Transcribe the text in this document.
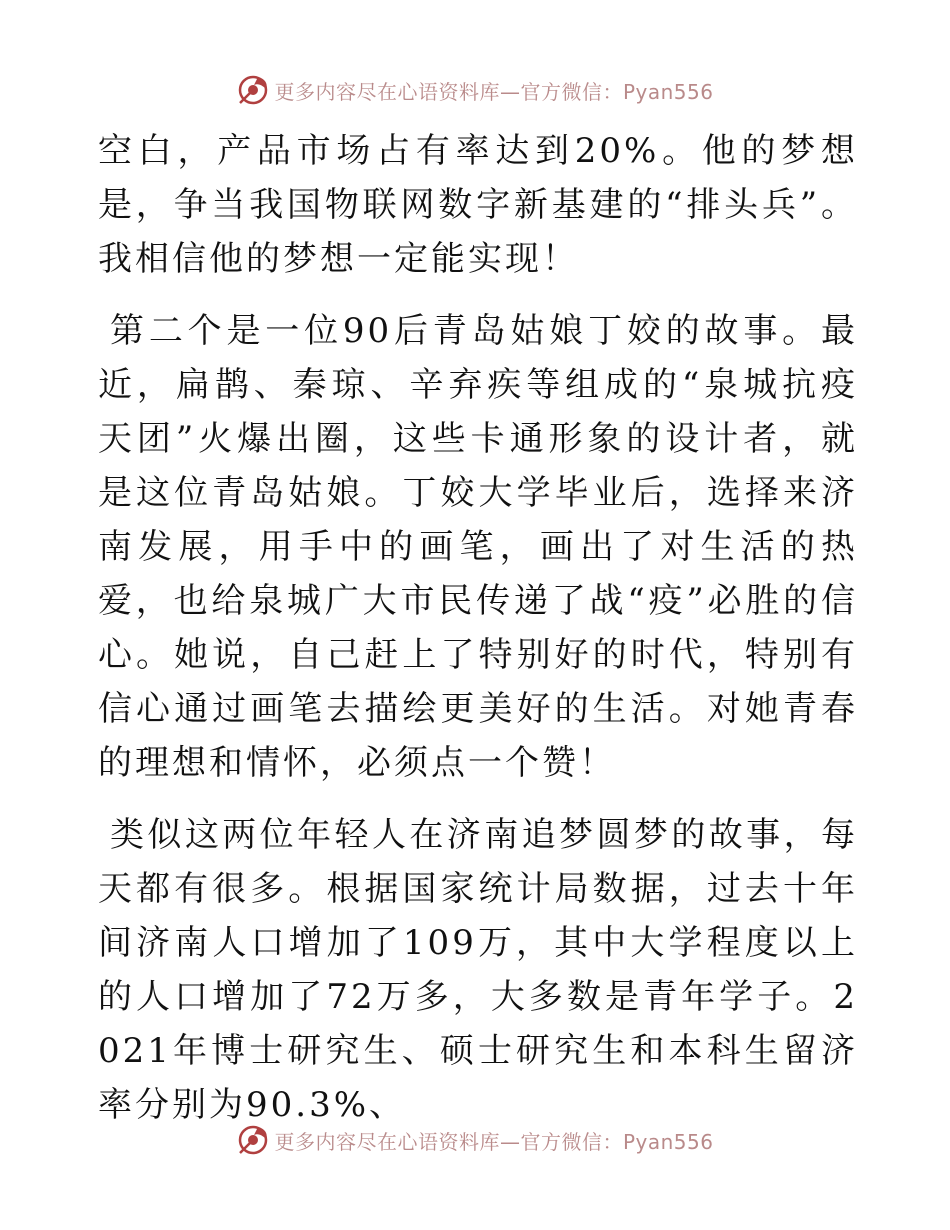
更多内容尽在心语资料库—官方微信：Pyan556

空白，产品市场占有率达到20%。他的梦想是，争当我国物联网数字新基建的“排头兵”。我相信他的梦想一定能实现！

第二个是一位90后青岛姑娘丁姣的故事。最近，扁鹊、秦琼、辛弃疾等组成的“泉城抗疫天团”火爆出圈，这些卡通形象的设计者，就是这位青岛姑娘。丁姣大学毕业后，选择来济南发展，用手中的画笔，画出了对生活的热爱，也给泉城广大市民传递了战“疫”必胜的信心。她说，自己赶上了特别好的时代，特别有信心通过画笔去描绘更美好的生活。对她青春的理想和情怀，必须点一个赞！

类似这两位年轻人在济南追梦圆梦的故事，每天都有很多。根据国家统计局数据，过去十年间济南人口增加了109万，其中大学程度以上的人口增加了72万多，大多数是青年学子。2021年博士研究生、硕士研究生和本科生留济率分别为90.3%、

更多内容尽在心语资料库—官方微信：Pyan556
